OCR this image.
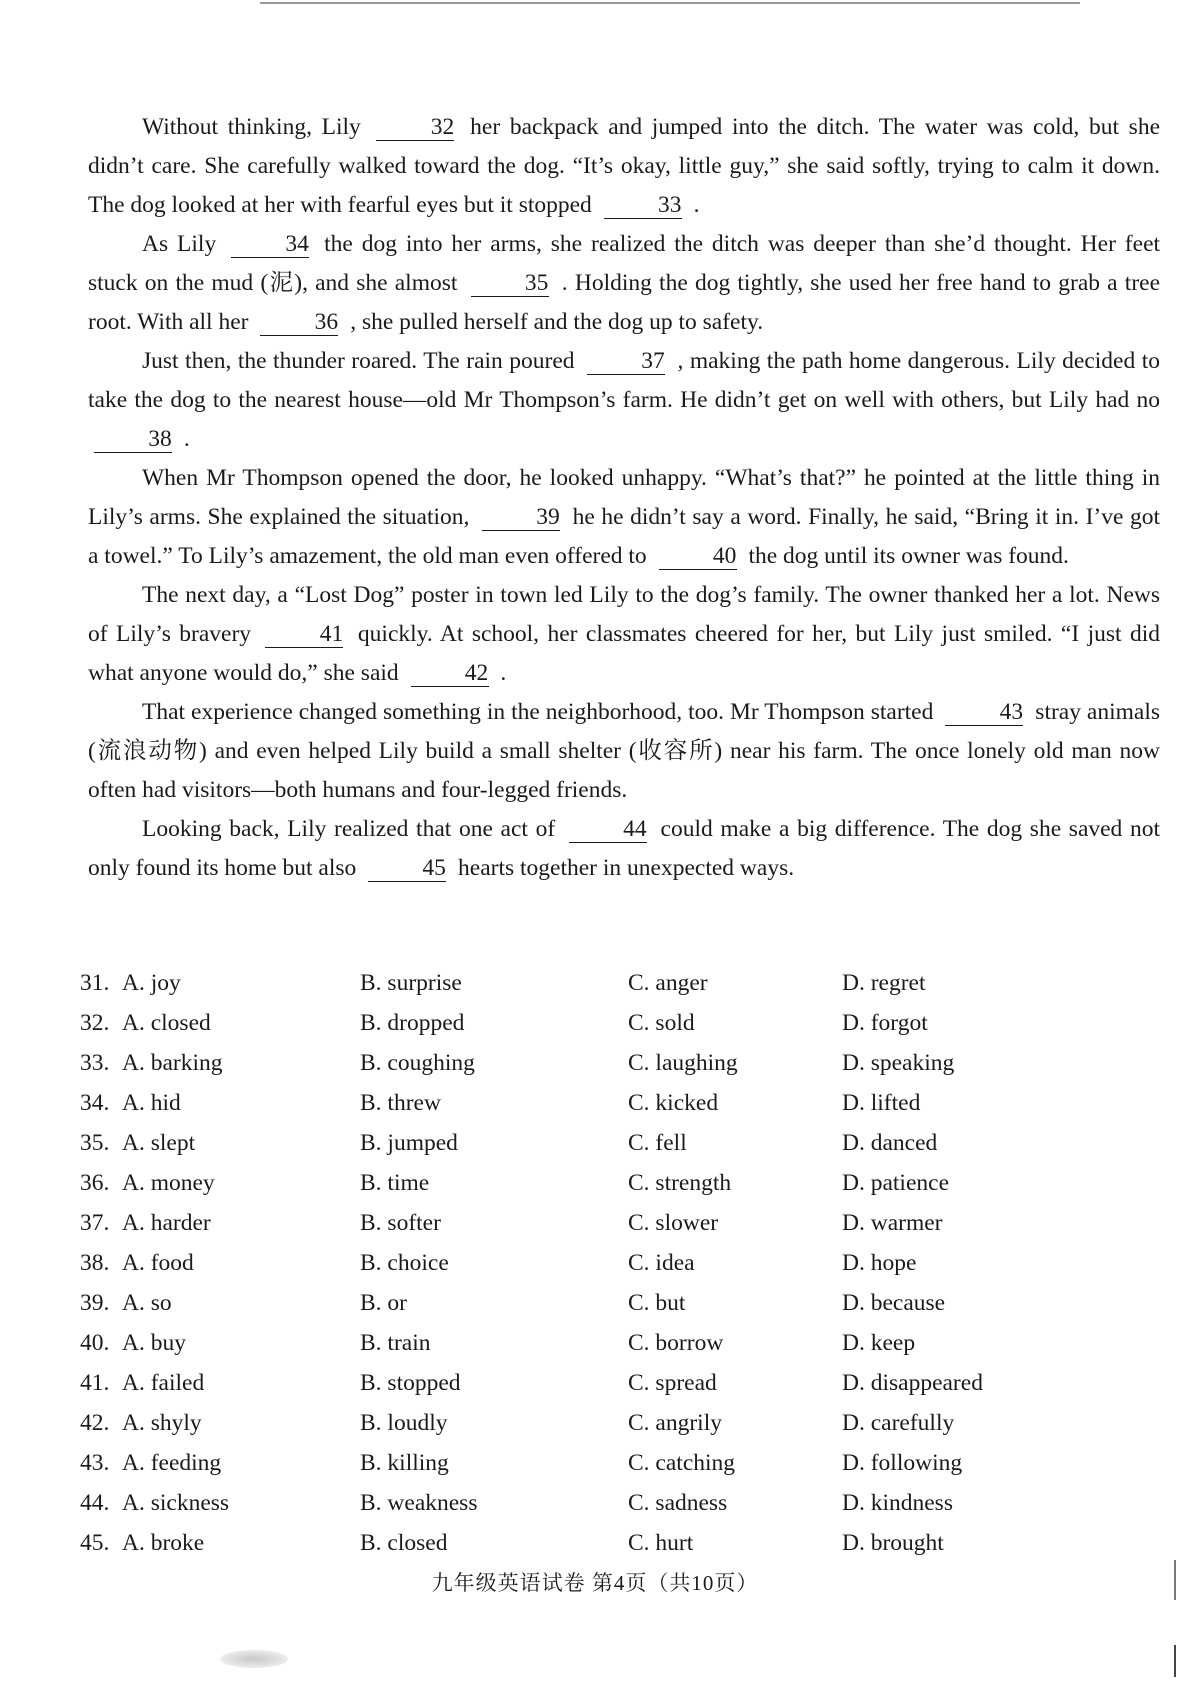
Without thinking, Lily	32 her backpack and jumped into the ditch. The water was cold, but she didn’t care. She carefully walked toward the dog. “It’s okay, little guy,” she said softly, trying to calm it down. The dog looked at her with fearful eyes but it stopped	33 .

As Lily	34 the dog into her arms, she realized the ditch was deeper than she’d thought. Her feet stuck on the mud (泥), and she almost	35 . Holding the dog tightly, she used her free hand to grab a tree root. With all her	36 , she pulled herself and the dog up to safety.

Just then, the thunder roared. The rain poured	37 , making the path home dangerous. Lily decided to take the dog to the nearest house—old Mr Thompson’s farm. He didn’t get on well with others, but Lily had no 38 .

When Mr Thompson opened the door, he looked unhappy. “What’s that?” he pointed at the little thing in Lily’s arms. She explained the situation,	39 he he didn’t say a word. Finally, he said, “Bring it in. I’ve got a towel.” To Lily’s amazement, the old man even offered to	40 the dog until its owner was found.

The next day, a “Lost Dog” poster in town led Lily to the dog’s family. The owner thanked her a lot. News of Lily’s bravery	41 quickly. At school, her classmates cheered for her, but Lily just smiled. “I just did what anyone would do,” she said	42 .

That experience changed something in the neighborhood, too. Mr Thompson started	43 stray animals (流浪动物) and even helped Lily build a small shelter (收容所) near his farm. The once lonely old man now often had visitors—both humans and four-legged friends.

Looking back, Lily realized that one act of	44 could make a big difference. The dog she saved not only found its home but also	45 hearts together in unexpected ways.

31. A. joy	B. surprise	C. anger	D. regret
32. A. closed	B. dropped	C. sold	D. forgot
33. A. barking	B. coughing	C. laughing	D. speaking
34. A. hid	B. threw	C. kicked	D. lifted
35. A. slept	B. jumped	C. fell	D. danced
36. A. money	B. time	C. strength	D. patience
37. A. harder	B. softer	C. slower	D. warmer
38. A. food	B. choice	C. idea	D. hope
39. A. so	B. or	C. but	D. because
40. A. buy	B. train	C. borrow	D. keep
41. A. failed	B. stopped	C. spread	D. disappeared
42. A. shyly	B. loudly	C. angrily	D. carefully
43. A. feeding	B. killing	C. catching	D. following
44. A. sickness	B. weakness	C. sadness	D. kindness
45. A. broke	B. closed	C. hurt	D. brought
九年级英语试卷 第4页（共10页）
